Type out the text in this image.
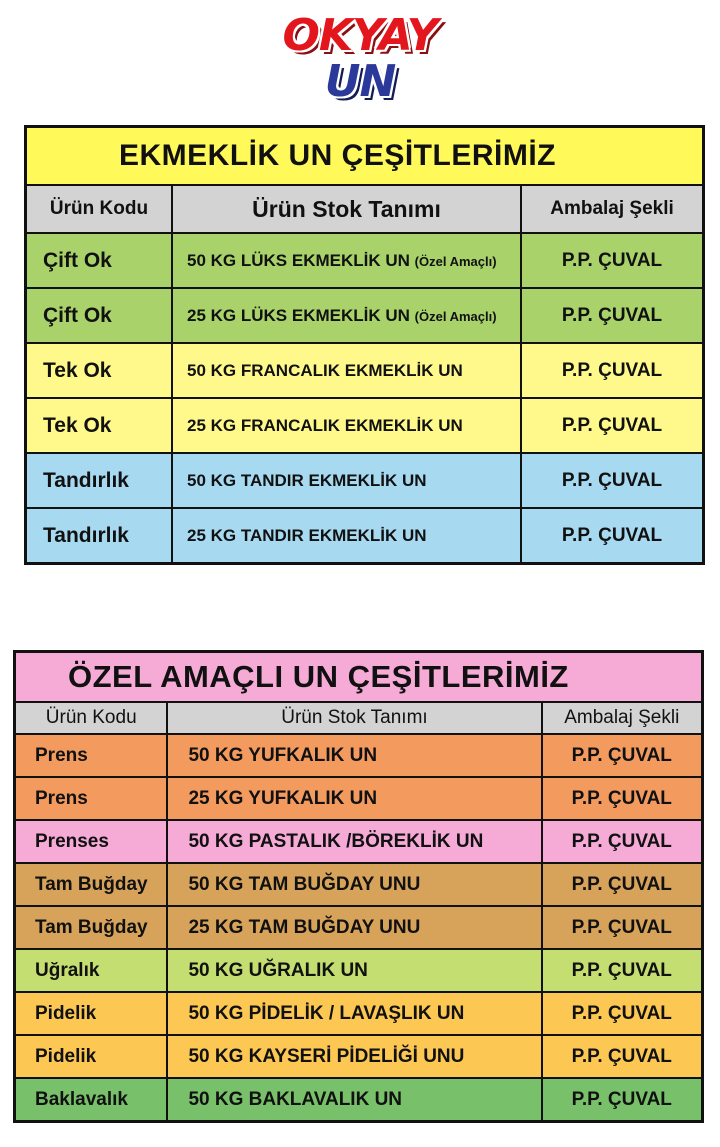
OKYAY
UN
EKMEKLİK UN ÇEŞİTLERİMİZ		
Ürün Kodu	Ürün Stok Tanımı	Ambalaj Şekli
Çift Ok	50 KG LÜKS EKMEKLİK UN (Özel Amaçlı)	P.P. ÇUVAL
Çift Ok	25 KG LÜKS EKMEKLİK UN (Özel Amaçlı)	P.P. ÇUVAL
Tek Ok	50 KG FRANCALIK EKMEKLİK UN	P.P. ÇUVAL
Tek Ok	25 KG FRANCALIK EKMEKLİK UN	P.P. ÇUVAL
Tandırlık	50 KG TANDIR EKMEKLİK UN	P.P. ÇUVAL
Tandırlık	25 KG TANDIR EKMEKLİK UN	P.P. ÇUVAL
ÖZEL AMAÇLI UN ÇEŞİTLERİMİZ		
Ürün Kodu	Ürün Stok Tanımı	Ambalaj Şekli
Prens	50 KG YUFKALIK UN	P.P. ÇUVAL
Prens	25 KG YUFKALIK UN	P.P. ÇUVAL
Prenses	50 KG PASTALIK /BÖREKLİK UN	P.P. ÇUVAL
Tam Buğday	50 KG TAM BUĞDAY UNU	P.P. ÇUVAL
Tam Buğday	25 KG TAM BUĞDAY UNU	P.P. ÇUVAL
Uğralık	50 KG UĞRALIK UN	P.P. ÇUVAL
Pidelik	50 KG PİDELİK / LAVAŞLIK UN	P.P. ÇUVAL
Pidelik	50 KG KAYSERİ PİDELİĞİ UNU	P.P. ÇUVAL
Baklavalık	50 KG BAKLAVALIK UN	P.P. ÇUVAL
